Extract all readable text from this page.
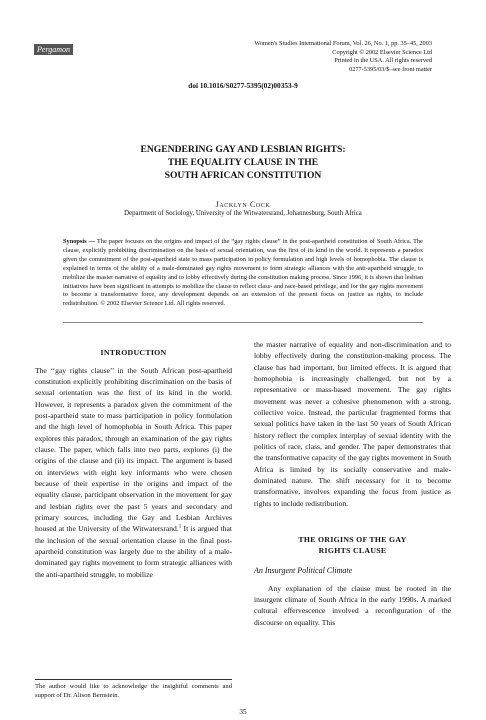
Pergamon
Women's Studies International Forum, Vol. 26, No. 1, pp. 35–45, 2003
Copyright © 2002 Elsevier Science Ltd
Printed in the USA. All rights reserved
0277-5395/03/$–see front matter
doi 10.1016/S0277-5395(02)00353-9
ENGENDERING GAY AND LESBIAN RIGHTS:
THE EQUALITY CLAUSE IN THE
SOUTH AFRICAN CONSTITUTION
Jacklyn Cock
Department of Sociology, University of the Witwatersrand, Johannesburg, South Africa
Synopsis — The paper focuses on the origins and impact of the “gay rights clause” in the post-apartheid constitution of South Africa. The clause, explicitly prohibiting discrimination on the basis of sexual orientation, was the first of its kind in the world. It represents a paradox given the commitment of the post-apartheid state to mass participation in policy formulation and high levels of homophobia. The clause is explained in terms of the ability of a male-dominated gay rights movement to form strategic alliances with the anti-apartheid struggle, to mobilize the master narrative of equality and to lobby effectively during the constitution making process. Since 1996, it is shown that lesbian initiatives have been significant in attempts to mobilize the clause to reflect class- and race-based privilege, and for the gay rights movement to become a transformative force, any development depends on an extension of the present focus on justice as rights, to include redistribution. © 2002 Elsevier Science Ltd. All rights reserved.
INTRODUCTION

The ‘‘gay rights clause’’ in the South African post-apartheid constitution explicitly prohibiting discrimination on the basis of sexual orientation was the first of its kind in the world. However, it represents a paradox given the commitment of the post-apartheid state to mass participation in policy formulation and the high level of homophobia in South Africa. This paper explores this paradox, through an examination of the gay rights clause. The paper, which falls into two parts, explores (i) the origins of the clause and (ii) its impact. The argument is based on interviews with eight key informants who were chosen because of their expertise in the origins and impact of the equality clause, participant observation in the movement for gay and lesbian rights over the past 5 years and secondary and primary sources, including the Gay and Lesbian Archives housed at the University of the Witwatersrand.$^1$ It is argued that the inclusion of the sexual orientation clause in the final post-apartheid constitution was largely due to the ability of a male-dominated gay rights movement to form strategic alliances with the anti-apartheid struggle, to mobilize

the master narrative of equality and non-discrimination and to lobby effectively during the constitution-making process. The clause has had important, but limited effects. It is argued that homophobia is increasingly challenged, but not by a representative or mass-based movement. The gay rights movement was never a cohesive phenomenon with a strong, collective voice. Instead, the particular fragmented forms that sexual politics have taken in the last 50 years of South African history reflect the complex interplay of sexual identity with the politics of race, class, and gender. The paper demonstrates that the transformative capacity of the gay rights movement in South Africa is limited by its socially conservative and male-dominated nature. The shift necessary for it to become transformative, involves expanding the focus from justice as rights to include redistribution.

THE ORIGINS OF THE GAY RIGHTS CLAUSE
An Insurgent Political Climate

Any explanation of the clause must be rooted in the insurgent climate of South Africa in the early 1990s. A marked cultural effervescence involved a reconfiguration of the discourse on equality. This

The author would like to acknowledge the insightful comments and support of Dr. Alison Bernstein.
35
